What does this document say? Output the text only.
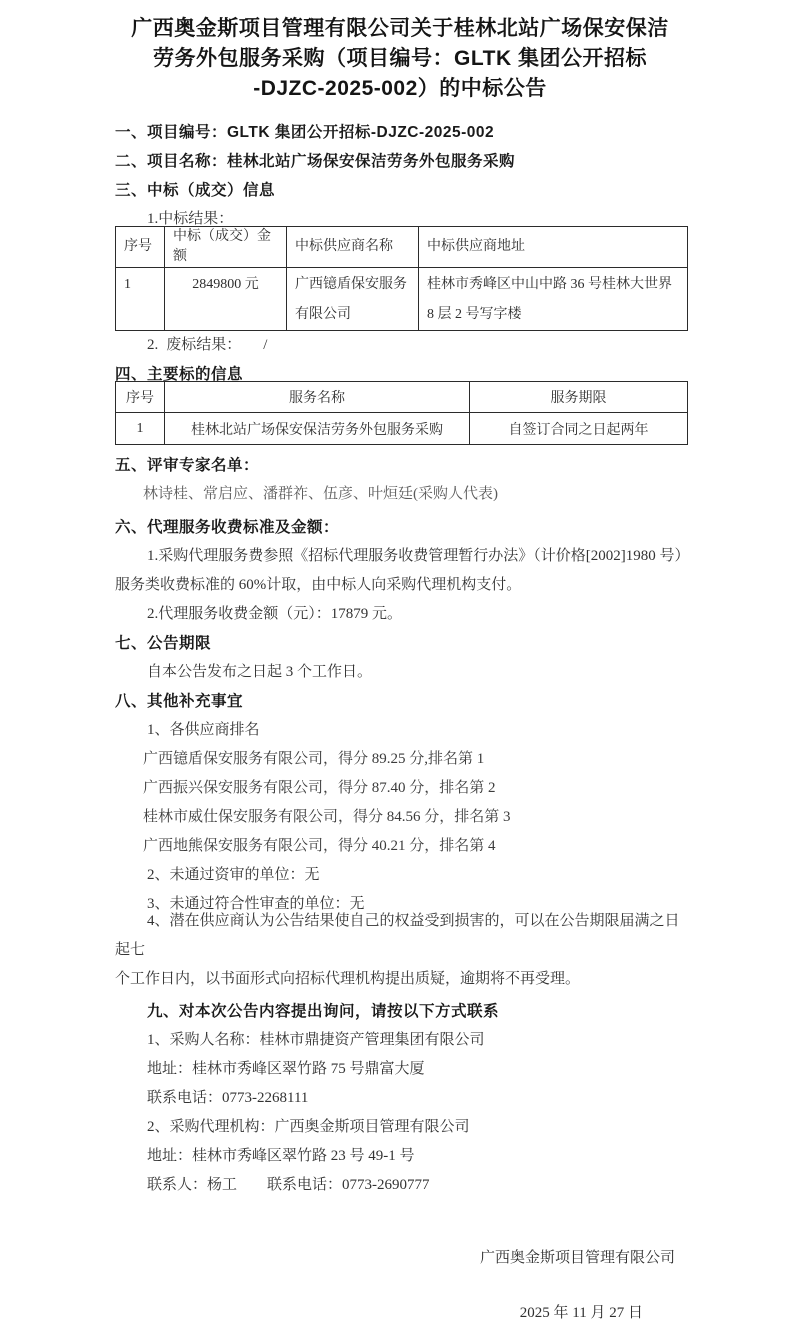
广西奥金斯项目管理有限公司关于桂林北站广场保安保洁
劳务外包服务采购（项目编号：GLTK 集团公开招标
-DJZC-2025-002）的中标公告

一、项目编号：GLTK 集团公开招标-DJZC-2025-002

二、项目名称：桂林北站广场保安保洁劳务外包服务采购

三、中标（成交）信息

1.中标结果：

序号	中标（成交）金额	中标供应商名称	中标供应商地址
1	2849800 元	广西镱盾保安服务有限公司	桂林市秀峰区中山中路 36 号桂林大世界 8 层 2 号写字楼

2. 废标结果： /

四、主要标的信息

序号	服务名称	服务期限
1	桂林北站广场保安保洁劳务外包服务采购	自签订合同之日起两年

五、评审专家名单：

林诗桂、常启应、潘群祚、伍彦、叶烜廷(采购人代表)

六、代理服务收费标准及金额：

1.采购代理服务费参照《招标代理服务收费管理暂行办法》（计价格[2002]1980 号）

服务类收费标准的 60%计取，由中标人向采购代理机构支付。

2.代理服务收费金额（元）：17879 元。

七、公告期限

自本公告发布之日起 3 个工作日。

八、其他补充事宜

1、各供应商排名

广西镱盾保安服务有限公司，得分 89.25 分,排名第 1

广西振兴保安服务有限公司，得分 87.40 分，排名第 2

桂林市威仕保安服务有限公司，得分 84.56 分，排名第 3

广西地熊保安服务有限公司，得分 40.21 分，排名第 4

2、未通过资审的单位：无

3、未通过符合性审查的单位：无

4、潜在供应商认为公告结果使自己的权益受到损害的，可以在公告期限届满之日起七

个工作日内，以书面形式向招标代理机构提出质疑，逾期将不再受理。

九、对本次公告内容提出询问，请按以下方式联系

1、采购人名称：桂林市鼎捷资产管理集团有限公司

地址：桂林市秀峰区翠竹路 75 号鼎富大厦

联系电话：0773-2268111

2、采购代理机构：广西奥金斯项目管理有限公司

地址：桂林市秀峰区翠竹路 23 号 49-1 号

联系人：杨工　　联系电话：0773-2690777

广西奥金斯项目管理有限公司

2025 年 11 月 27 日
